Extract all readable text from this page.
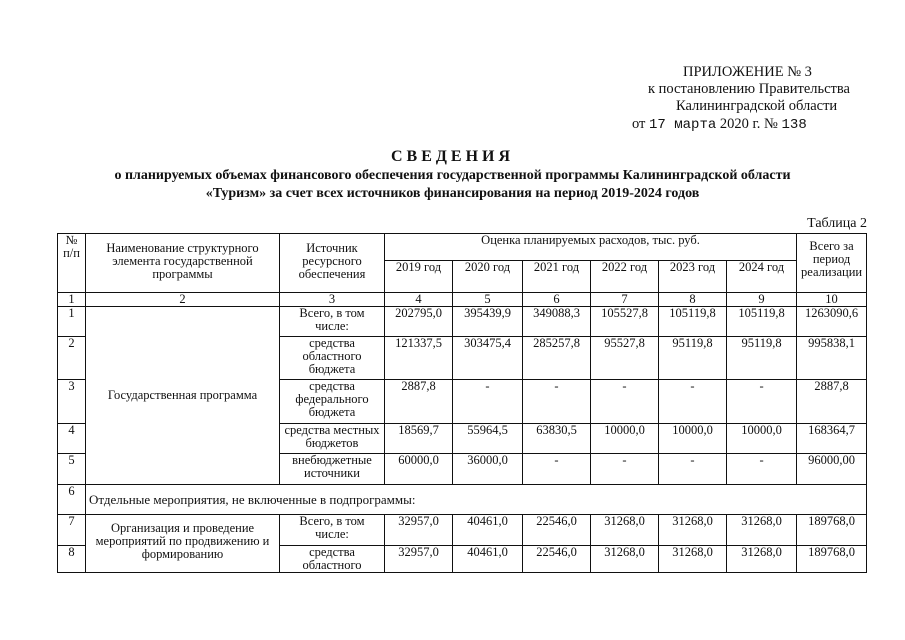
ПРИЛОЖЕНИЕ № 3
к постановлению Правительства
Калининградской области
от 17 марта 2020 г. № 138
СВЕДЕНИЯ
о планируемых объемах финансового обеспечения государственной программы Калининградской области
«Туризм» за счет всех источников финансирования на период 2019-2024 годов
Таблица 2
№ п/п	Наименование структурного элемента государственной программы	Источник ресурсного обеспечения	Оценка планируемых расходов, тыс. руб.						Всего за период реализации
			2019 год	2020 год	2021 год	2022 год	2023 год	2024 год	
1	2	3	4	5	6	7	8	9	10
1	Государственная программа	Всего, в том числе:	202795,0	395439,9	349088,3	105527,8	105119,8	105119,8	1263090,6
2		средства областного бюджета	121337,5	303475,4	285257,8	95527,8	95119,8	95119,8	995838,1
3		средства федерального бюджета	2887,8	-	-	-	-	-	2887,8
4		средства местных бюджетов	18569,7	55964,5	63830,5	10000,0	10000,0	10000,0	168364,7
5		внебюджетные источники	60000,0	36000,0	-	-	-	-	96000,00
6	Отдельные мероприятия, не включенные в подпрограммы:								
7	Организация и проведение мероприятий по продвижению и формированию	Всего, в том числе:	32957,0	40461,0	22546,0	31268,0	31268,0	31268,0	189768,0
8		средства областного	32957,0	40461,0	22546,0	31268,0	31268,0	31268,0	189768,0
